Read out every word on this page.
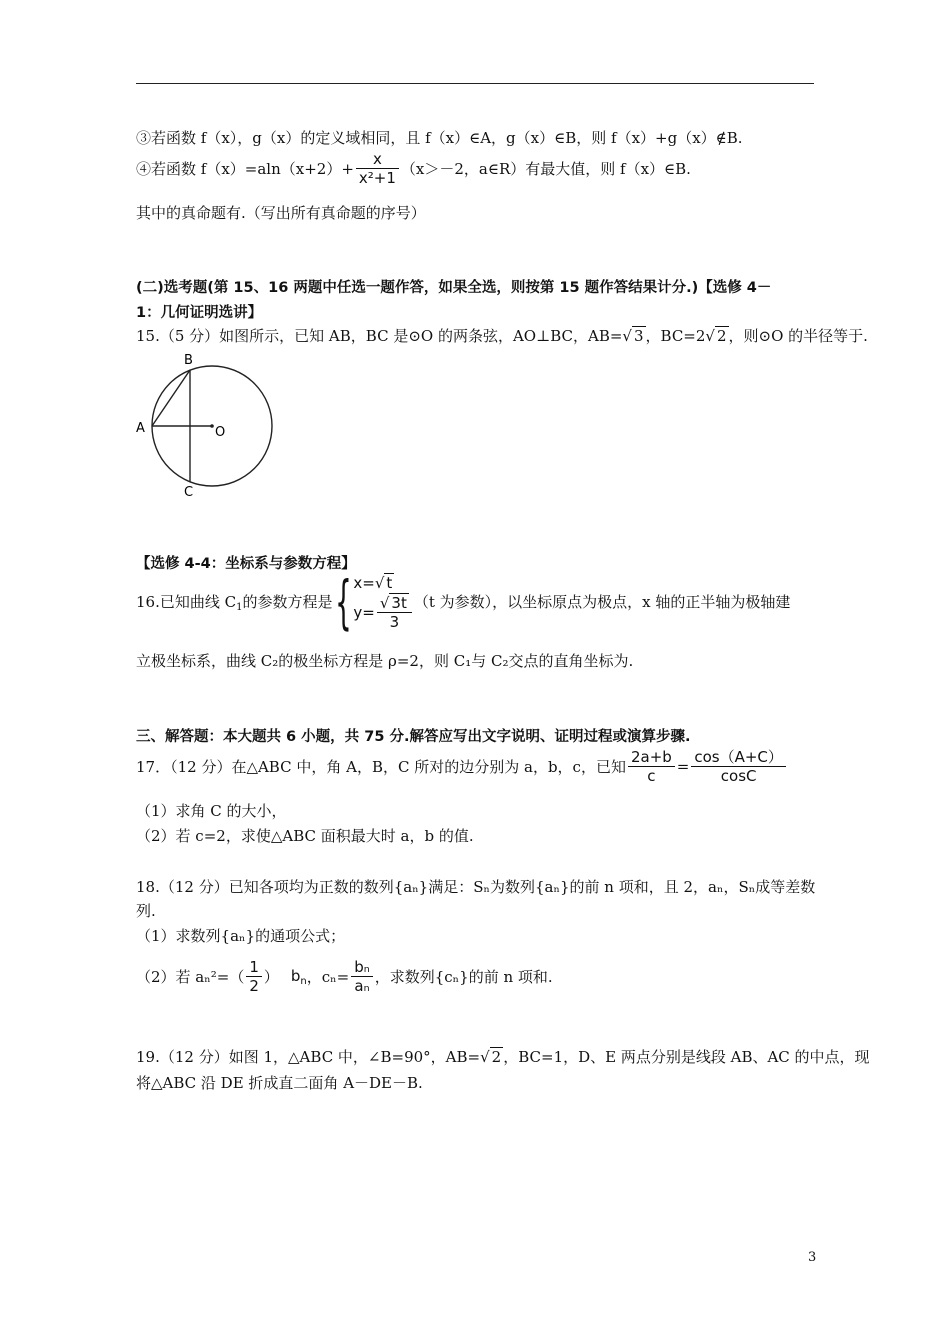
③若函数 f（x），g（x）的定义域相同，且 f（x）∈A，g（x）∈B，则 f（x）+g（x）∉B.
④若函数 $f(x)=aln(x+2)+ \frac{x}{\text{x²+1}} (x>-2$，a∈R）有最大值，则 f（x）∈B.
其中的真命题有.（写出所有真命题的序号）
(二)选考题(第 15、16 两题中任选一题作答，如果全选，则按第 15 题作答结果计分.)【选修 4－
1：几何证明选讲】
15.（5 分）如图所示，已知 AB，BC 是⊙O 的两条弦，AO⊥BC，AB=√ 3 ，BC=2√ 2 ，则⊙O 的半径等于.
B
A	O
C
【选修 4-4：坐标系与参数方程】
16.已知曲线 $C_1$的参数方程是{ x=√ t
$y= \frac{√ 3t}{3} (t$ 为参数），以坐标原点为极点，x 轴的正半轴为极轴建
立极坐标系，曲线 C₂的极坐标方程是 ρ=2，则 C₁与 C₂交点的直角坐标为.
三、解答题：本大题共 6 小题，共 75 分.解答应写出文字说明、证明过程或演算步骤.
17．（12 分）在△ABC 中，角 A，B，C 所对的边分别为 a，b，c，已知 $\frac{2a+b}{c} = \frac{\cos(A+C)}{\cos C}$
（1）求角 C 的大小，
（2）若 c=2，求使△ABC 面积最大时 a，b 的值.
18.（12 分）已知各项均为正数的数列{aₙ}满足：Sₙ为数列{aₙ}的前 n 项和，且 2，aₙ，Sₙ成等差数
列.
（1）求数列{aₙ}的通项公式；
（2）若 $a_n^2=( \frac{1}{2}$ ） $b_n$，$c_n= \frac{\text{bₙ}}{\text{aₙ}}$ ，求数列{cₙ}的前 n 项和.
19.（12 分）如图 1，△ABC 中，∠B=90°，AB=√ 2 ，BC=1，D、E 两点分别是线段 AB、AC 的中点，现
将△ABC 沿 DE 折成直二面角 A－DE－B.
3
